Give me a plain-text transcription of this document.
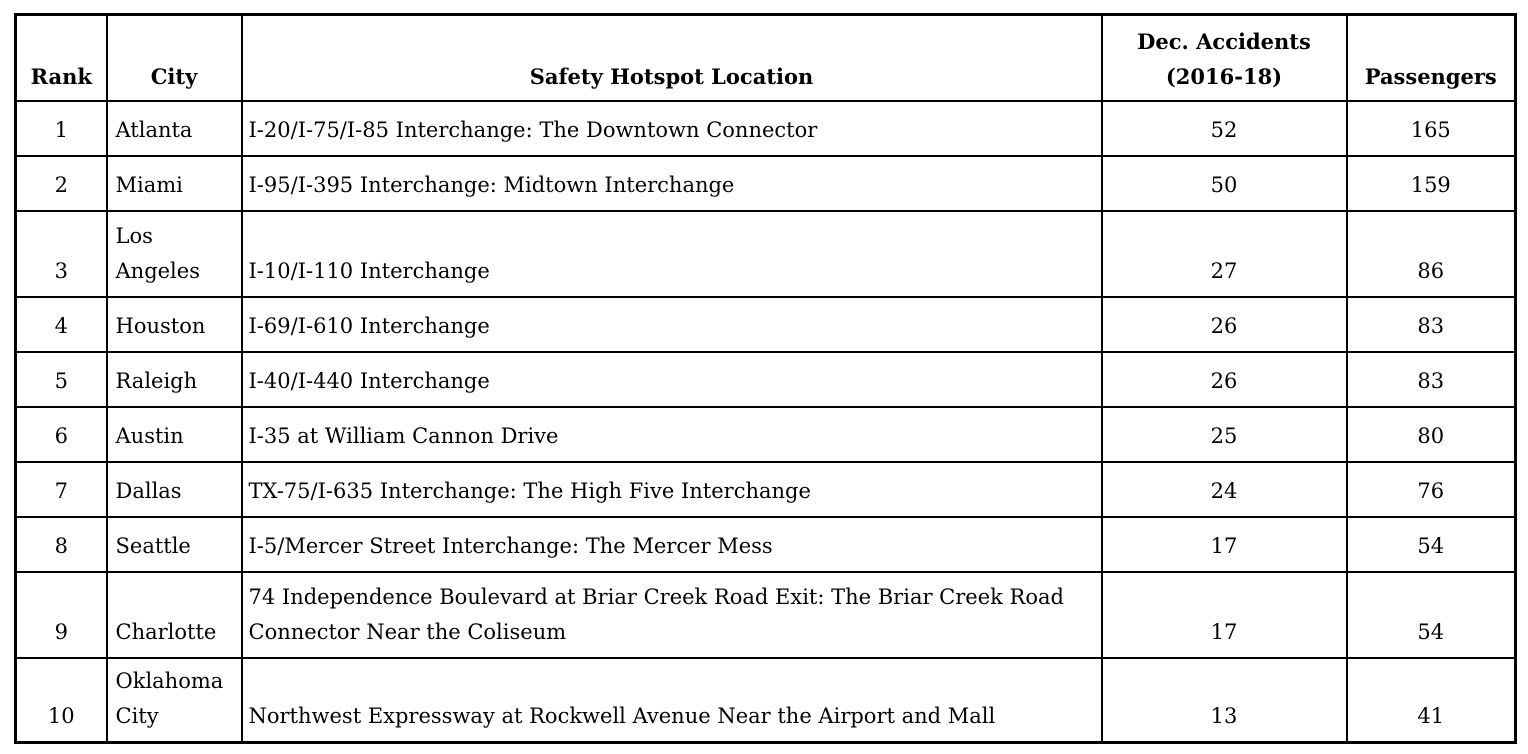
Rank	City	Safety Hotspot Location	Dec. Accidents (2016-18)	Passengers
1	Atlanta	I-20/I-75/I-85 Interchange: The Downtown Connector	52	165
2	Miami	I-95/I-395 Interchange: Midtown Interchange	50	159
3	Los Angeles	I-10/I-110 Interchange	27	86
4	Houston	I-69/I-610 Interchange	26	83
5	Raleigh	I-40/I-440 Interchange	26	83
6	Austin	I-35 at William Cannon Drive	25	80
7	Dallas	TX-75/I-635 Interchange: The High Five Interchange	24	76
8	Seattle	I-5/Mercer Street Interchange: The Mercer Mess	17	54
9	Charlotte	74 Independence Boulevard at Briar Creek Road Exit: The Briar Creek Road Connector Near the Coliseum	17	54
10	Oklahoma City	Northwest Expressway at Rockwell Avenue Near the Airport and Mall	13	41
